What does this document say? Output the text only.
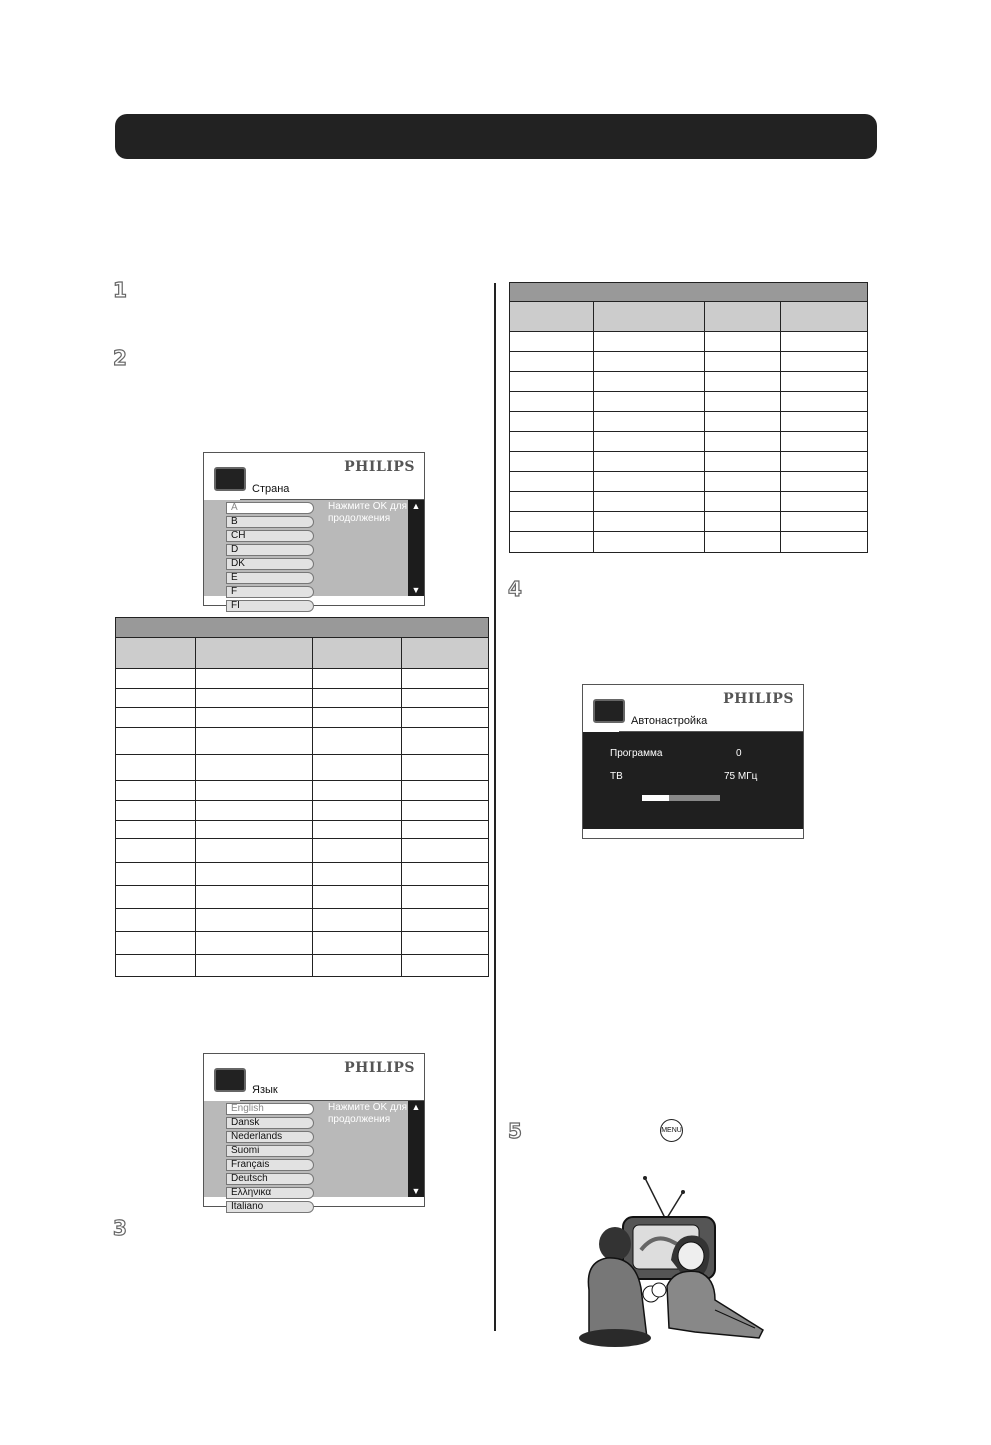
1
2
3
4
5
PHILIPS
Страна
A
B
CH
D
DK
E
F
FI
Нажмите OK для продолжения
▲
▼

PHILIPS
Язык
English
Dansk
Nederlands
Suomi
Français
Deutsch
Ελληνικα
Italiano
Нажмите OK для продолжения
▲
▼

PHILIPS
Автонастройка
Программа	0
ТВ	75 МГц
MENU
